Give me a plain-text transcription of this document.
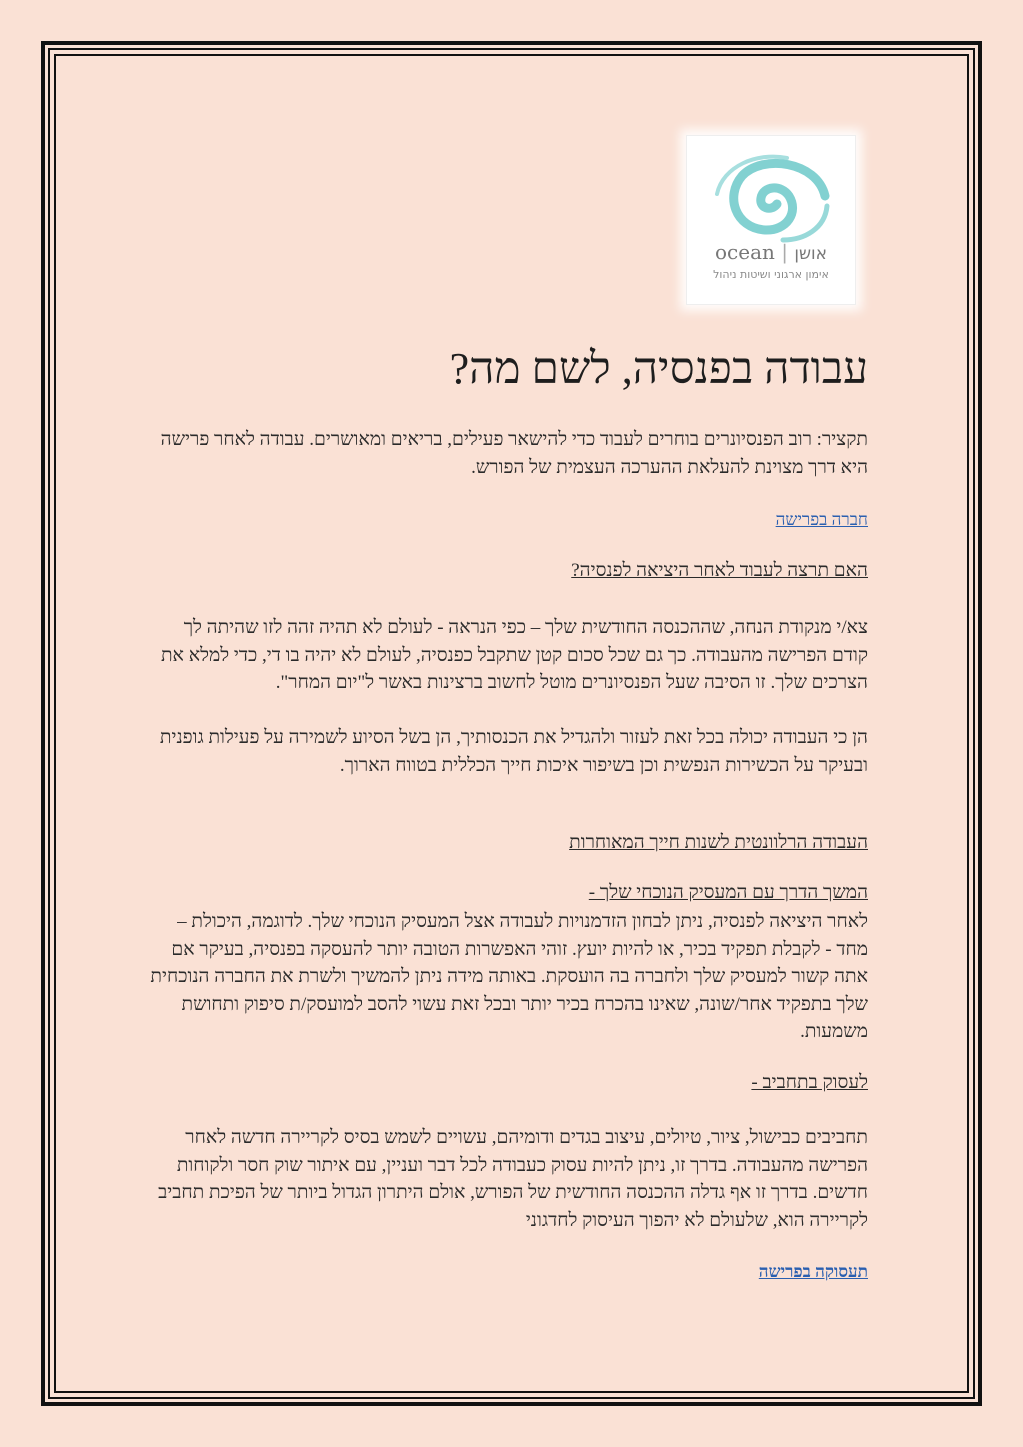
ocean | אושן
אימון ארגוני ושיטות ניהול
עבודה בפנסיה, לשם מה?

תקציר: רוב הפנסיונרים בוחרים לעבוד כדי להישאר פעילים, בריאים ומאושרים. עבודה לאחר פרישה היא דרך מצוינת להעלאת ההערכה העצמית של הפורש.

חברה בפרישה

האם תרצה לעבוד לאחר היציאה לפנסיה?

צא/י מנקודת הנחה, שההכנסה החודשית שלך – כפי הנראה - לעולם לא תהיה זהה לזו שהיתה לך קודם הפרישה מהעבודה. כך גם שכל סכום קטן שתקבל כפנסיה, לעולם לא יהיה בו די, כדי למלא את הצרכים שלך. זו הסיבה שעל הפנסיונרים מוטל לחשוב ברצינות באשר ל"יום המחר".

הן כי העבודה יכולה בכל זאת לעזור ולהגדיל את הכנסותיך, הן בשל הסיוע לשמירה על פעילות גופנית ובעיקר על הכשירות הנפשית וכן בשיפור איכות חייך הכללית בטווח הארוך.

העבודה הרלוונטית לשנות חייך המאוחרות

המשך הדרך עם המעסיק הנוכחי שלך -

לאחר היציאה לפנסיה, ניתן לבחון הזדמנויות לעבודה אצל המעסיק הנוכחי שלך. לדוגמה, היכולת – מחד - לקבלת תפקיד בכיר, או להיות יועץ. זוהי האפשרות הטובה יותר להעסקה בפנסיה, בעיקר אם אתה קשור למעסיק שלך ולחברה בה הועסקת. באותה מידה ניתן להמשיך ולשרת את החברה הנוכחית שלך בתפקיד אחר/שונה, שאינו בהכרח בכיר יותר ובכל זאת עשוי להסב למועסק/ת סיפוק ותחושת משמעות.

לעסוק בתחביב -

תחביבים כבישול, ציור, טיולים, עיצוב בגדים ודומיהם, עשויים לשמש בסיס לקריירה חדשה לאחר הפרישה מהעבודה. בדרך זו, ניתן להיות עסוק כעבודה לכל דבר ועניין, עם איתור שוק חסר ולקוחות חדשים. בדרך זו אף גדלה ההכנסה החודשית של הפורש, אולם היתרון הגדול ביותר של הפיכת תחביב לקריירה הוא, שלעולם לא יהפוך העיסוק לחדגוני

תעסוקה בפרישה
